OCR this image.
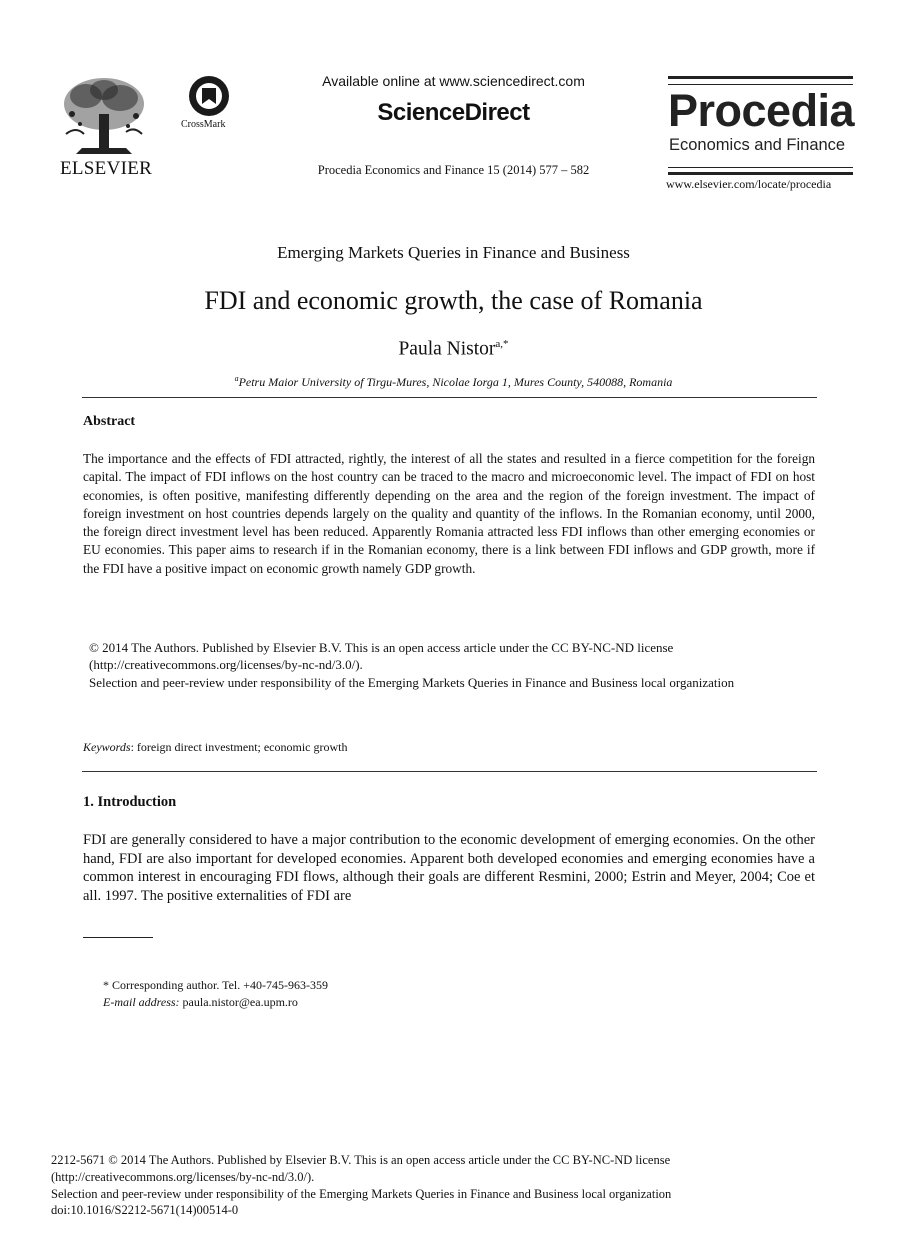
ELSEVIER
CrossMark
Available online at www.sciencedirect.com
ScienceDirect
Procedia Economics and Finance 15 (2014) 577 – 582
Procedia
Economics and Finance
www.elsevier.com/locate/procedia
Emerging Markets Queries in Finance and Business
FDI and economic growth, the case of Romania
Paula Nistor$^{a,*}$
$^a$Petru Maior University of Tirgu-Mures, Nicolae Iorga 1, Mures County, 540088, Romania
Abstract
The importance and the effects of FDI attracted, rightly, the interest of all the states and resulted in a fierce competition for the foreign capital. The impact of FDI inflows on the host country can be traced to the macro and microeconomic level. The impact of FDI on host economies, is often positive, manifesting differently depending on the area and the region of the foreign investment. The impact of foreign investment on host countries depends largely on the quality and quantity of the inflows. In the Romanian economy, until 2000, the foreign direct investment level has been reduced. Apparently Romania attracted less FDI inflows than other emerging economies or EU economies. This paper aims to research if in the Romanian economy, there is a link between FDI inflows and GDP growth, more if the FDI have a positive impact on economic growth namely GDP growth.
© 2014 The Authors. Published by Elsevier B.V. This is an open access article under the CC BY-NC-ND license
(http://creativecommons.org/licenses/by-nc-nd/3.0/).
Selection and peer-review under responsibility of the Emerging Markets Queries in Finance and Business local organization
Keywords: foreign direct investment; economic growth
1. Introduction
FDI are generally considered to have a major contribution to the economic development of emerging economies. On the other hand, FDI are also important for developed economies. Apparent both developed economies and emerging economies have a common interest in encouraging FDI flows, although their goals are different Resmini, 2000; Estrin and Meyer, 2004; Coe et all. 1997. The positive externalities of FDI are
* Corresponding author. Tel. +40-745-963-359
E-mail address: paula.nistor@ea.upm.ro
2212-5671 © 2014 The Authors. Published by Elsevier B.V. This is an open access article under the CC BY-NC-ND license
(http://creativecommons.org/licenses/by-nc-nd/3.0/).
Selection and peer-review under responsibility of the Emerging Markets Queries in Finance and Business local organization
doi:10.1016/S2212-5671(14)00514-0
